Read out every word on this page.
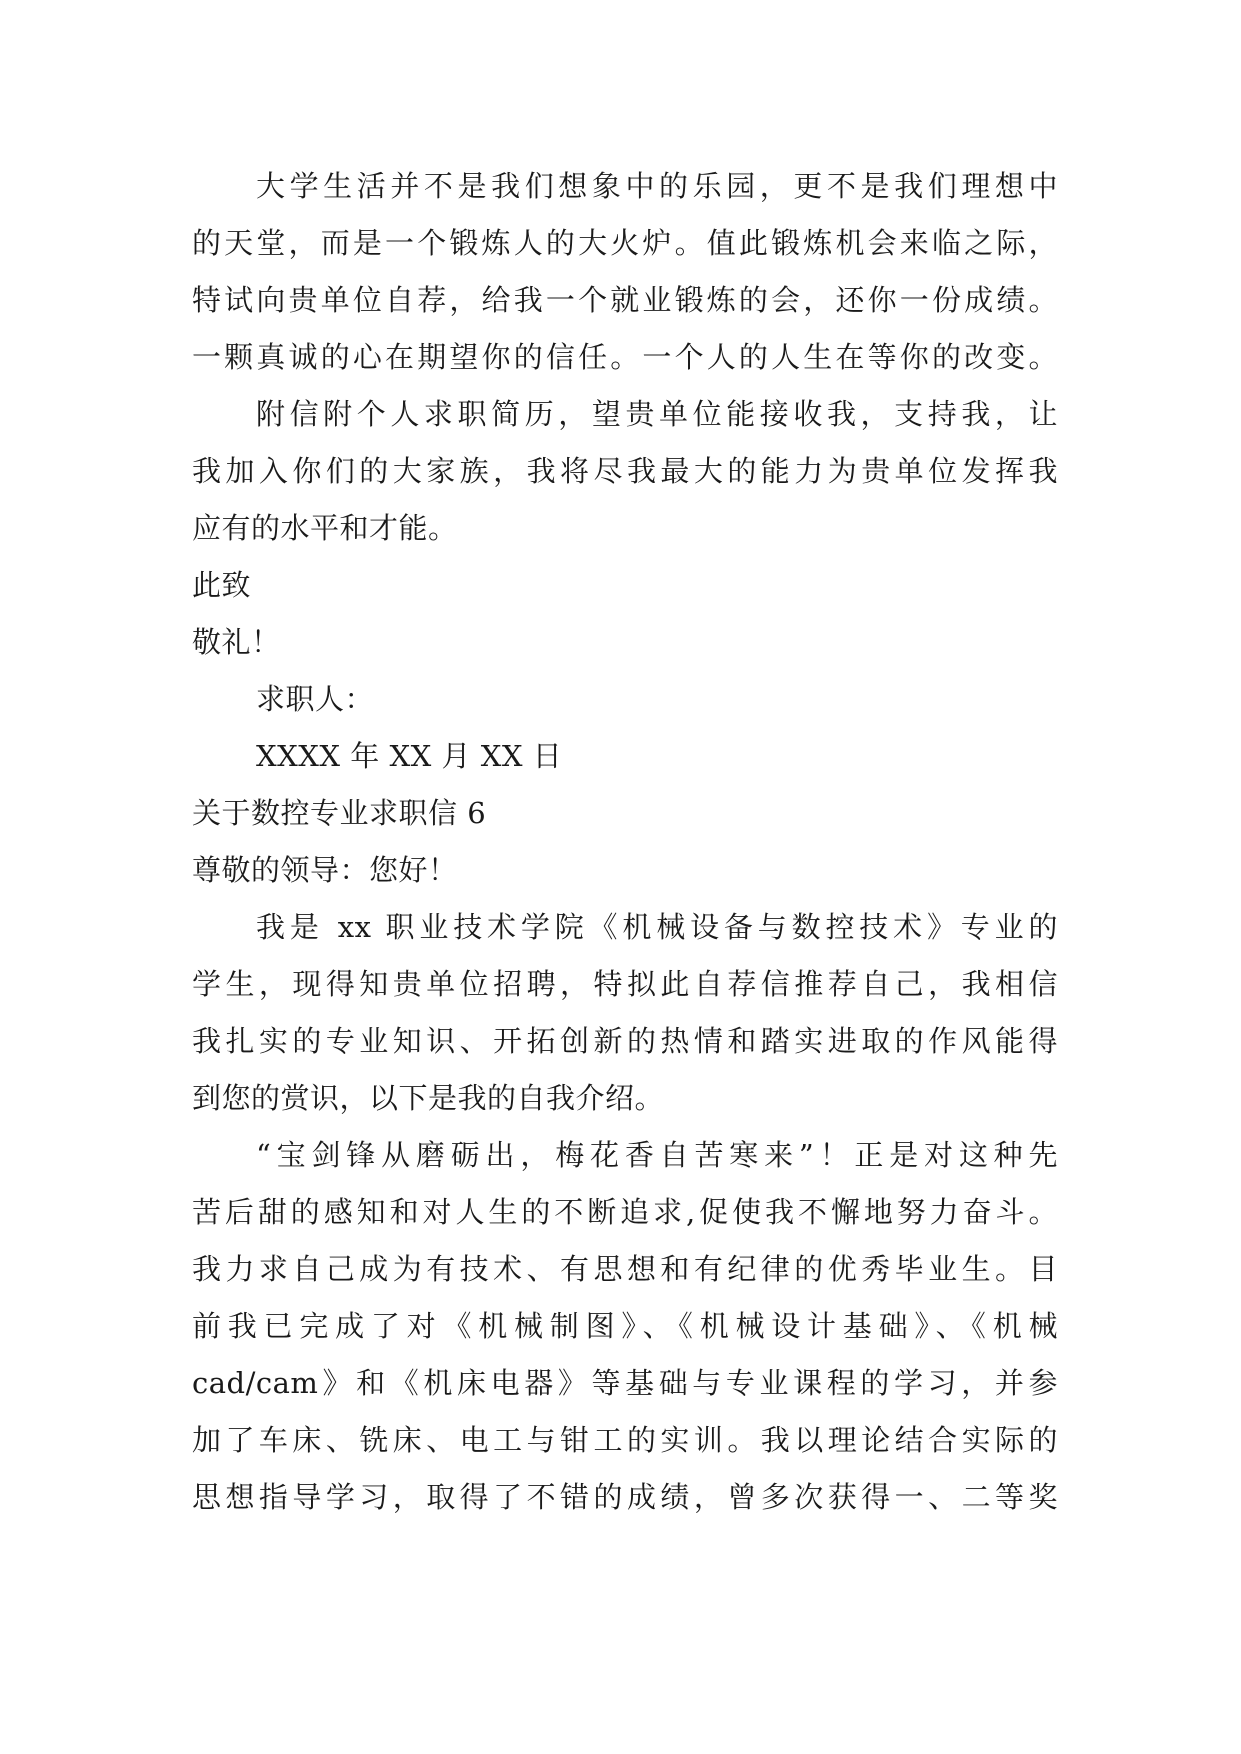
大学生活并不是我们想象中的乐园，更不是我们理想中
的天堂，而是一个锻炼人的大火炉。值此锻炼机会来临之际，
特试向贵单位自荐，给我一个就业锻炼的会，还你一份成绩。
一颗真诚的心在期望你的信任。一个人的人生在等你的改变。
附信附个人求职简历，望贵单位能接收我，支持我，让
我加入你们的大家族，我将尽我最大的能力为贵单位发挥我
应有的水平和才能。
此致
敬礼！
求职人：
XXXX 年 XX 月 XX 日
关于数控专业求职信 6
尊敬的领导：您好！
我是 xx 职业技术学院《机械设备与数控技术》专业的
学生，现得知贵单位招聘，特拟此自荐信推荐自己，我相信
我扎实的专业知识、开拓创新的热情和踏实进取的作风能得
到您的赏识，以下是我的自我介绍。
“宝剑锋从磨砺出，梅花香自苦寒来”！正是对这种先
苦后甜的感知和对人生的不断追求,促使我不懈地努力奋斗。
我力求自己成为有技术、有思想和有纪律的优秀毕业生。目
前我已完成了对《机械制图》、《机械设计基础》、《机械
cad/cam》和《机床电器》等基础与专业课程的学习，并参
加了车床、铣床、电工与钳工的实训。我以理论结合实际的
思想指导学习，取得了不错的成绩，曾多次获得一、二等奖
